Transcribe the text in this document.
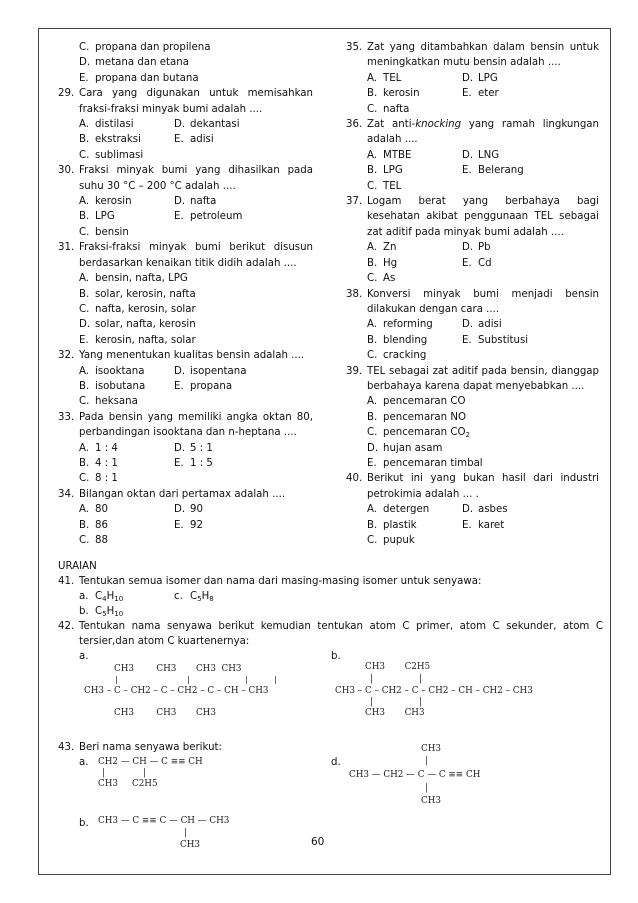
C. propana dan propilena
D. metana dan etana
E. propana dan butana
29. Cara yang digunakan untuk memisahkan fraksi-fraksi minyak bumi adalah ....
A. distilasi	D. dekantasi
B. ekstraksi	E. adisi
C. sublimasi
30. Fraksi minyak bumi yang dihasilkan pada suhu 30 °C – 200 °C adalah ....
A. kerosin	D. nafta
B. LPG	E. petroleum
C. bensin
31. Fraksi-fraksi minyak bumi berikut disusun berdasarkan kenaikan titik didih adalah ....
A. bensin, nafta, LPG
B. solar, kerosin, nafta
C. nafta, kerosin, solar
D. solar, nafta, kerosin
E. kerosin, nafta, solar
32. Yang menentukan kualitas bensin adalah ....
A. isooktana	D. isopentana
B. isobutana	E. propana
C. heksana
33. Pada bensin yang memiliki angka oktan 80, perbandingan isooktana dan n-heptana ....
A. 1 : 4	D. 5 : 1
B. 4 : 1	E. 1 : 5
C. 8 : 1
34. Bilangan oktan dari pertamax adalah ....
A. 80	D. 90
B. 86	E. 92
C. 88
35. Zat yang ditambahkan dalam bensin untuk meningkatkan mutu bensin adalah ....
A. TEL	D. LPG
B. kerosin	E. eter
C. nafta
36. Zat anti-knocking yang ramah lingkungan adalah ....
A. MTBE	D. LNG
B. LPG	E. Belerang
C. TEL
37. Logam berat yang berbahaya bagi kesehatan akibat penggunaan TEL sebagai zat aditif pada minyak bumi adalah ....
A. Zn	D. Pb
B. Hg	E. Cd
C. As
38. Konversi minyak bumi menjadi bensin dilakukan dengan cara ....
A. reforming	D. adisi
B. blending	E. Substitusi
C. cracking
39. TEL sebagai zat aditif pada bensin, dianggap berbahaya karena dapat menyebabkan ....
A. pencemaran CO
B. pencemaran NO
C. pencemaran $CO_2$
D. hujan asam
E. pencemaran timbal
40. Berikut ini yang bukan hasil dari industri petrokimia adalah ... .
A. detergen	D. asbes
B. plastik	E. karet
C. pupuk
URAIAN
41. Tentukan semua isomer dan nama dari masing-masing isomer untuk senyawa:
a. $C_4H_{10}$	c. $C_5H_8$
b. $C_5H_{10}$
42. Tentukan nama senyawa berikut kemudian tentukan atom C primer, atom C sekunder, atom C tersier,dan atom C kuartenernya:
a.	b.
CH3        CH3       CH3  CH3
|              |           |     |
CH3 – C – CH2 – C – CH2 – C – CH – CH3
CH3        CH3       CH3
CH3       C2H5
|	|
CH3 – C – CH2 – C – CH2 – CH – CH2 – CH3
|	|
CH3       CH3
43. Beri nama senyawa berikut:
a.	d.
b.
CH2 — CH — C ≡≡ CH
|	|
CH3     C2H5
CH3
|
CH3 — CH2 — C — C ≡≡ CH
|
CH3
CH3 — C ≡≡ C — CH — CH3
|
CH3	60
